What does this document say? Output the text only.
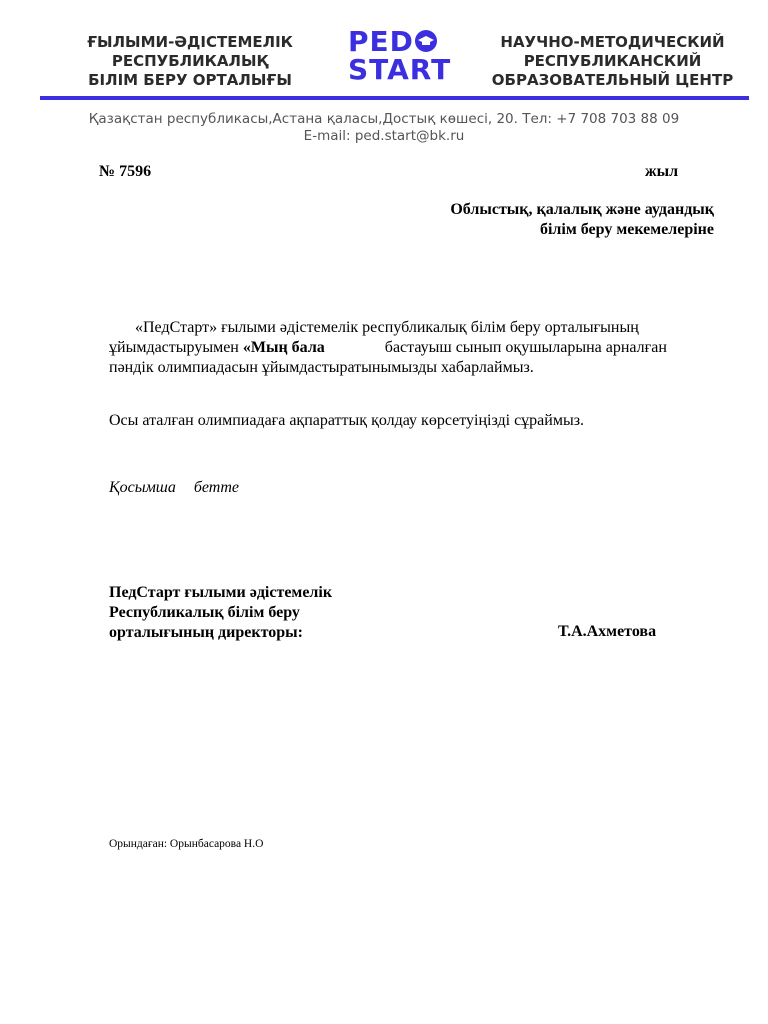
ҒЫЛЫМИ-ӘДІСТЕМЕЛІК
РЕСПУБЛИКАЛЫҚ
БІЛІМ БЕРУ ОРТАЛЫҒЫ
PED
START
НАУЧНО-МЕТОДИЧЕСКИЙ
РЕСПУБЛИКАНСКИЙ
ОБРАЗОВАТЕЛЬНЫЙ ЦЕНТР
Қазақстан республикасы,Астана қаласы,Достық көшесі, 20. Тел: +7 708 703 88 09
E-mail: ped.start@bk.ru
№ 7596	жыл
Облыстық, қалалық және аудандық
білім беру мекемелеріне
«ПедСтарт» ғылыми әдістемелік республикалық білім беру орталығының ұйымдастыруымен «Мың бала	бастауыш сынып оқушыларына арналған пәндік олимпиадасын ұйымдастыратынымызды хабарлаймыз.
Осы аталған олимпиадаға ақпараттық қолдау көрсетуіңізді сұраймыз.
Қосымша бетте
ПедСтарт ғылыми әдістемелік
Республикалық білім беру
орталығының директоры:	Т.А.Ахметова
Орындаған: Орынбасарова Н.О
